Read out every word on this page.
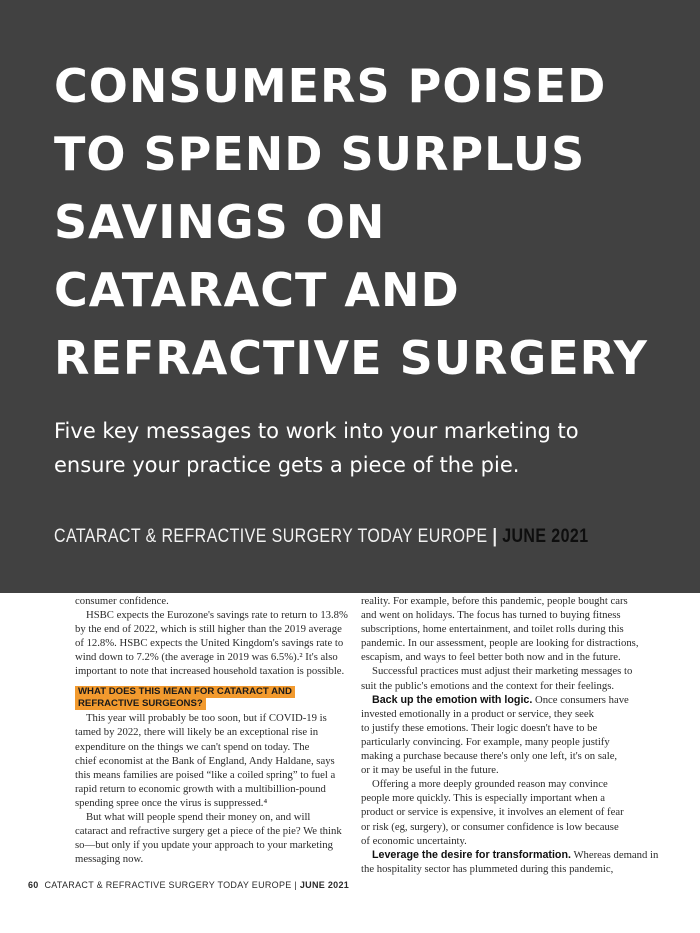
CONSUMERS POISED
TO SPEND SURPLUS
SAVINGS ON
CATARACT AND
REFRACTIVE SURGERY

Five key messages to work into your marketing to
ensure your practice gets a piece of the pie.

CATARACT & REFRACTIVE SURGERY TODAY EUROPE | JUNE 2021

consumer confidence.

HSBC expects the Eurozone's savings rate to return to 13.8%
by the end of 2022, which is still higher than the 2019 average
of 12.8%. HSBC expects the United Kingdom's savings rate to
wind down to 7.2% (the average in 2019 was 6.5%).² It's also
important to note that increased household taxation is possible.

WHAT DOES THIS MEAN FOR CATARACT AND
REFRACTIVE SURGEONS?

This year will probably be too soon, but if COVID-19 is
tamed by 2022, there will likely be an exceptional rise in
expenditure on the things we can't spend on today. The
chief economist at the Bank of England, Andy Haldane, says
this means families are poised “like a coiled spring” to fuel a
rapid return to economic growth with a multibillion-pound
spending spree once the virus is suppressed.⁴

But what will people spend their money on, and will
cataract and refractive surgery get a piece of the pie? We think
so—but only if you update your approach to your marketing
messaging now.

reality. For example, before this pandemic, people bought cars
and went on holidays. The focus has turned to buying fitness
subscriptions, home entertainment, and toilet rolls during this
pandemic. In our assessment, people are looking for distractions,
escapism, and ways to feel better both now and in the future.

Successful practices must adjust their marketing messages to
suit the public's emotions and the context for their feelings.

Back up the emotion with logic. Once consumers have
invested emotionally in a product or service, they seek
to justify these emotions. Their logic doesn't have to be
particularly convincing. For example, many people justify
making a purchase because there's only one left, it's on sale,
or it may be useful in the future.

Offering a more deeply grounded reason may convince
people more quickly. This is especially important when a
product or service is expensive, it involves an element of fear
or risk (eg, surgery), or consumer confidence is low because
of economic uncertainty.

Leverage the desire for transformation. Whereas demand in
the hospitality sector has plummeted during this pandemic,

60 CATARACT & REFRACTIVE SURGERY TODAY EUROPE | JUNE 2021
